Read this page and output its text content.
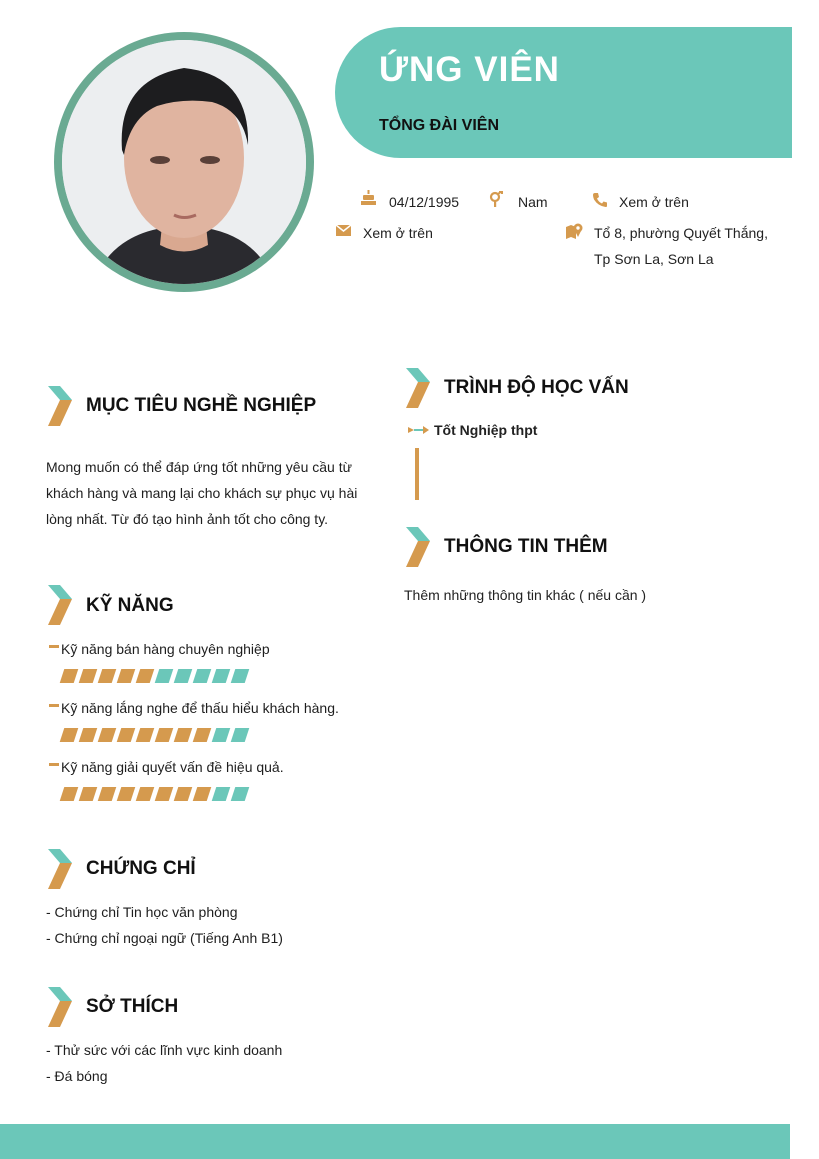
ỨNG VIÊN
TỔNG ĐÀI VIÊN
04/12/1995	Nam	Xem ở trên
Xem ở trên	Tổ 8, phường Quyết Thắng,
Tp Sơn La, Sơn La
MỤC TIÊU NGHỀ NGHIỆP
Mong muốn có thể đáp ứng tốt những yêu cầu từ
khách hàng và mang lại cho khách sự phục vụ hài
lòng nhất. Từ đó tạo hình ảnh tốt cho công ty.
KỸ NĂNG
Kỹ năng bán hàng chuyên nghiệp
Kỹ năng lắng nghe để thấu hiểu khách hàng.
Kỹ năng giải quyết vấn đề hiệu quả.
CHỨNG CHỈ
- Chứng chỉ Tin học văn phòng
- Chứng chỉ ngoại ngữ (Tiếng Anh B1)
SỞ THÍCH
- Thử sức với các lĩnh vực kinh doanh
- Đá bóng
TRÌNH ĐỘ HỌC VẤN
Tốt Nghiệp thpt
THÔNG TIN THÊM
Thêm những thông tin khác ( nếu cần )
